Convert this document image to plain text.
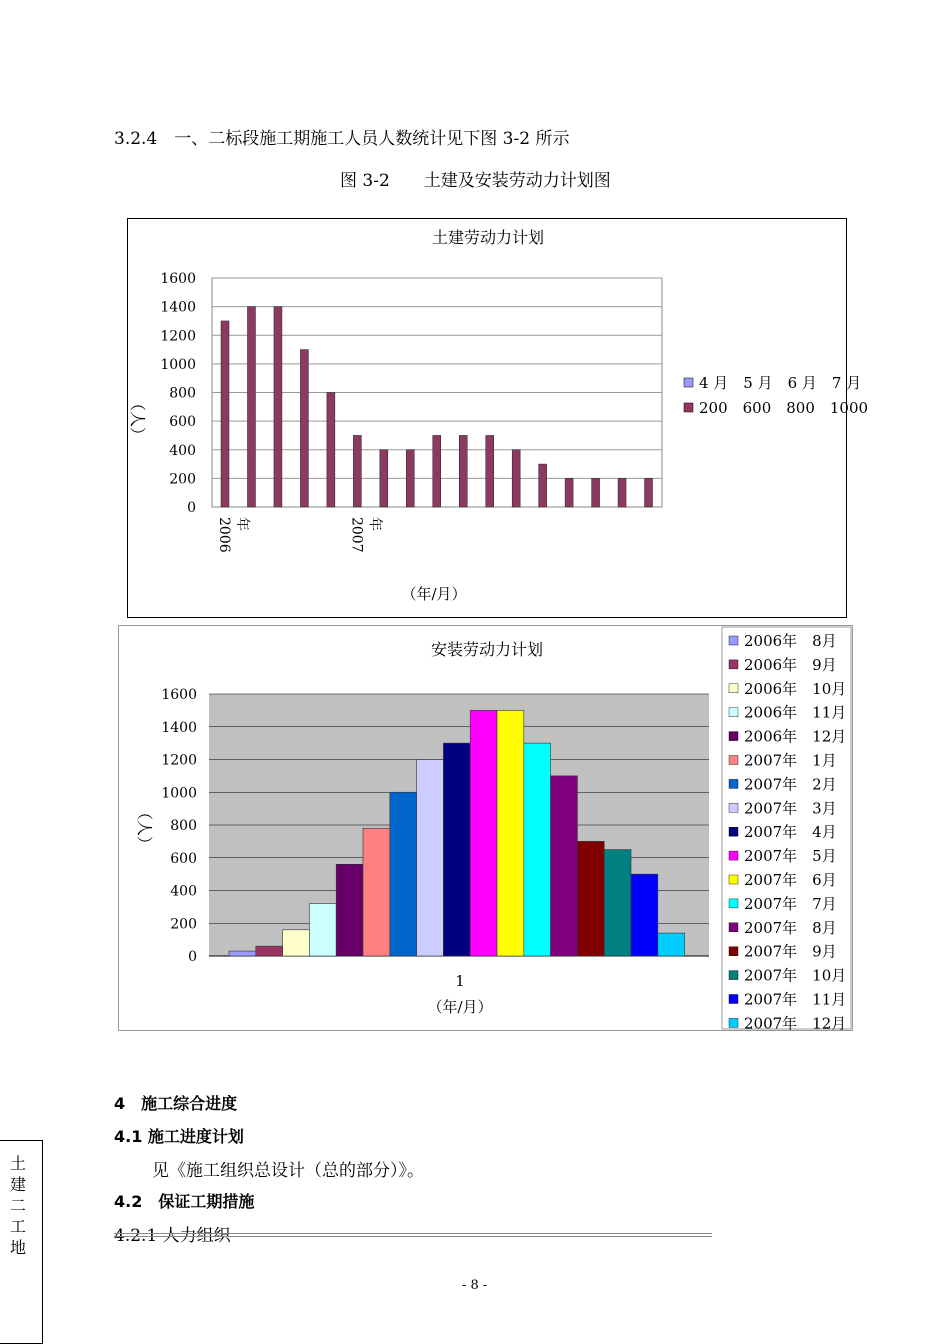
3.2.4　一、二标段施工期施工人员人数统计见下图 3-2 所示
图 3-2　　土建及安装劳动力计划图
土建劳动力计划
0
200
400
600
800
1000
1200
1400
1600
2006 年	2007 年
（人）
（年/月）
4 月　5 月　6 月　7 月
200　600　800　1000
安装劳动力计划
0
200
400
600
800
1000
1200
1400
1600
1
（年/月）
（人）
2006年　8月
2006年　9月
2006年　10月
2006年　11月
2006年　12月
2007年　1月
2007年　2月
2007年　3月
2007年　4月
2007年　5月
2007年　6月
2007年　7月
2007年　8月
2007年　9月
2007年　10月
2007年　11月
2007年　12月
4　施工综合进度
4.1 施工进度计划
见《施工组织总设计（总的部分）》。
4.2　保证工期措施
4.2.1 人力组织
- 8 -
土建二工地
